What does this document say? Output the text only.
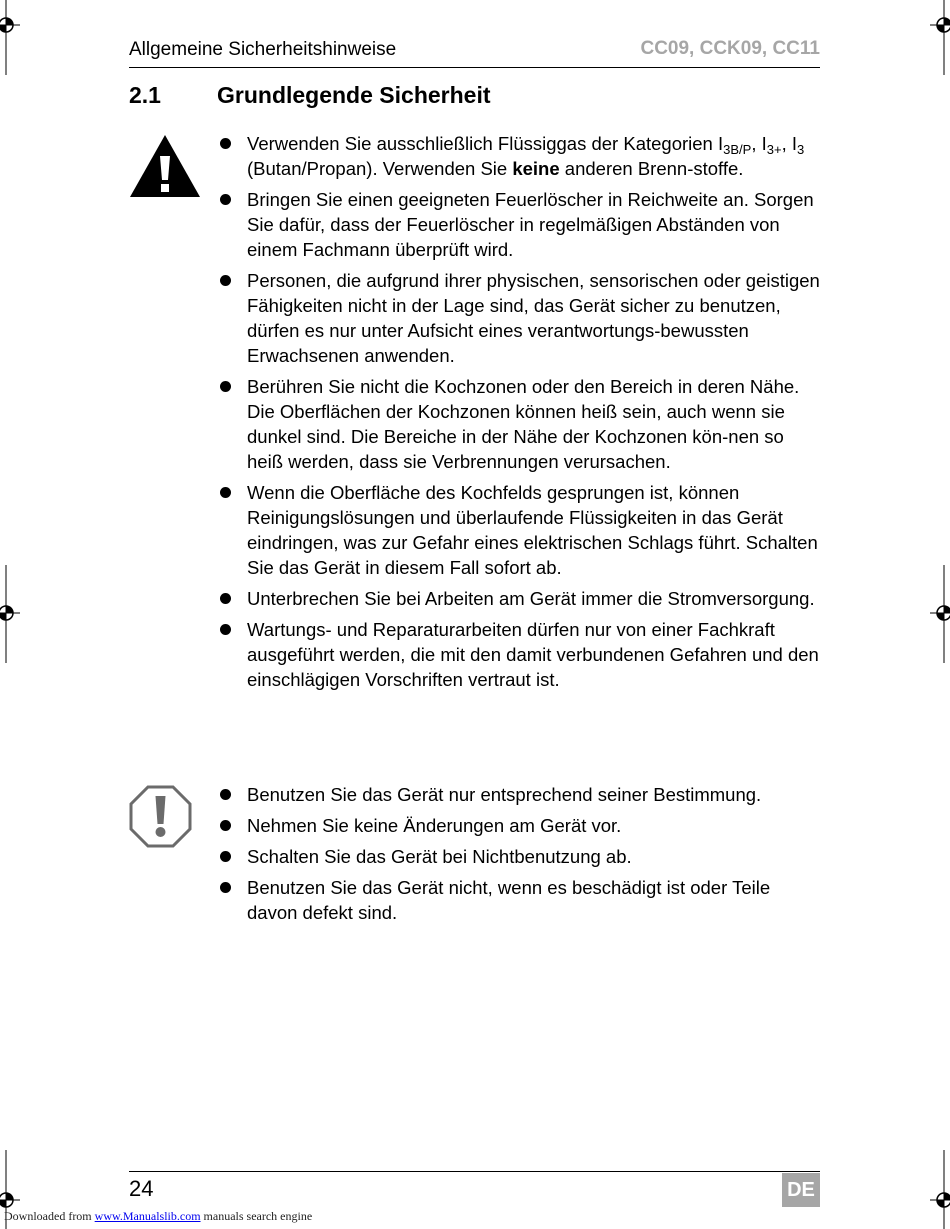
Allgemeine Sicherheitshinweise	CC09, CCK09, CC11
2.1 Grundlegende Sicherheit
Verwenden Sie ausschließlich Flüssiggas der Kategorien $I_{3B/P}$, $I_{3+}$, $I_3$ (Butan/Propan). Verwenden Sie keine anderen Brenn-stoffe.
Bringen Sie einen geeigneten Feuerlöscher in Reichweite an. Sorgen Sie dafür, dass der Feuerlöscher in regelmäßigen Abständen von einem Fachmann überprüft wird.
Personen, die aufgrund ihrer physischen, sensorischen oder geistigen Fähigkeiten nicht in der Lage sind, das Gerät sicher zu benutzen, dürfen es nur unter Aufsicht eines verantwortungs-bewussten Erwachsenen anwenden.

Berühren Sie nicht die Kochzonen oder den Bereich in deren Nähe.

Die Oberflächen der Kochzonen können heiß sein, auch wenn sie dunkel sind. Die Bereiche in der Nähe der Kochzonen kön-nen so heiß werden, dass sie Verbrennungen verursachen.

Wenn die Oberfläche des Kochfelds gesprungen ist, können Reinigungslösungen und überlaufende Flüssigkeiten in das Gerät eindringen, was zur Gefahr eines elektrischen Schlags führt. Schalten Sie das Gerät in diesem Fall sofort ab.
Unterbrechen Sie bei Arbeiten am Gerät immer die Stromversorgung.
Wartungs- und Reparaturarbeiten dürfen nur von einer Fachkraft ausgeführt werden, die mit den damit verbundenen Gefahren und den einschlägigen Vorschriften vertraut ist.
Benutzen Sie das Gerät nur entsprechend seiner Bestimmung.
Nehmen Sie keine Änderungen am Gerät vor.
Schalten Sie das Gerät bei Nichtbenutzung ab.
Benutzen Sie das Gerät nicht, wenn es beschädigt ist oder Teile davon defekt sind.
24	DE
Downloaded from www.Manualslib.com manuals search engine
